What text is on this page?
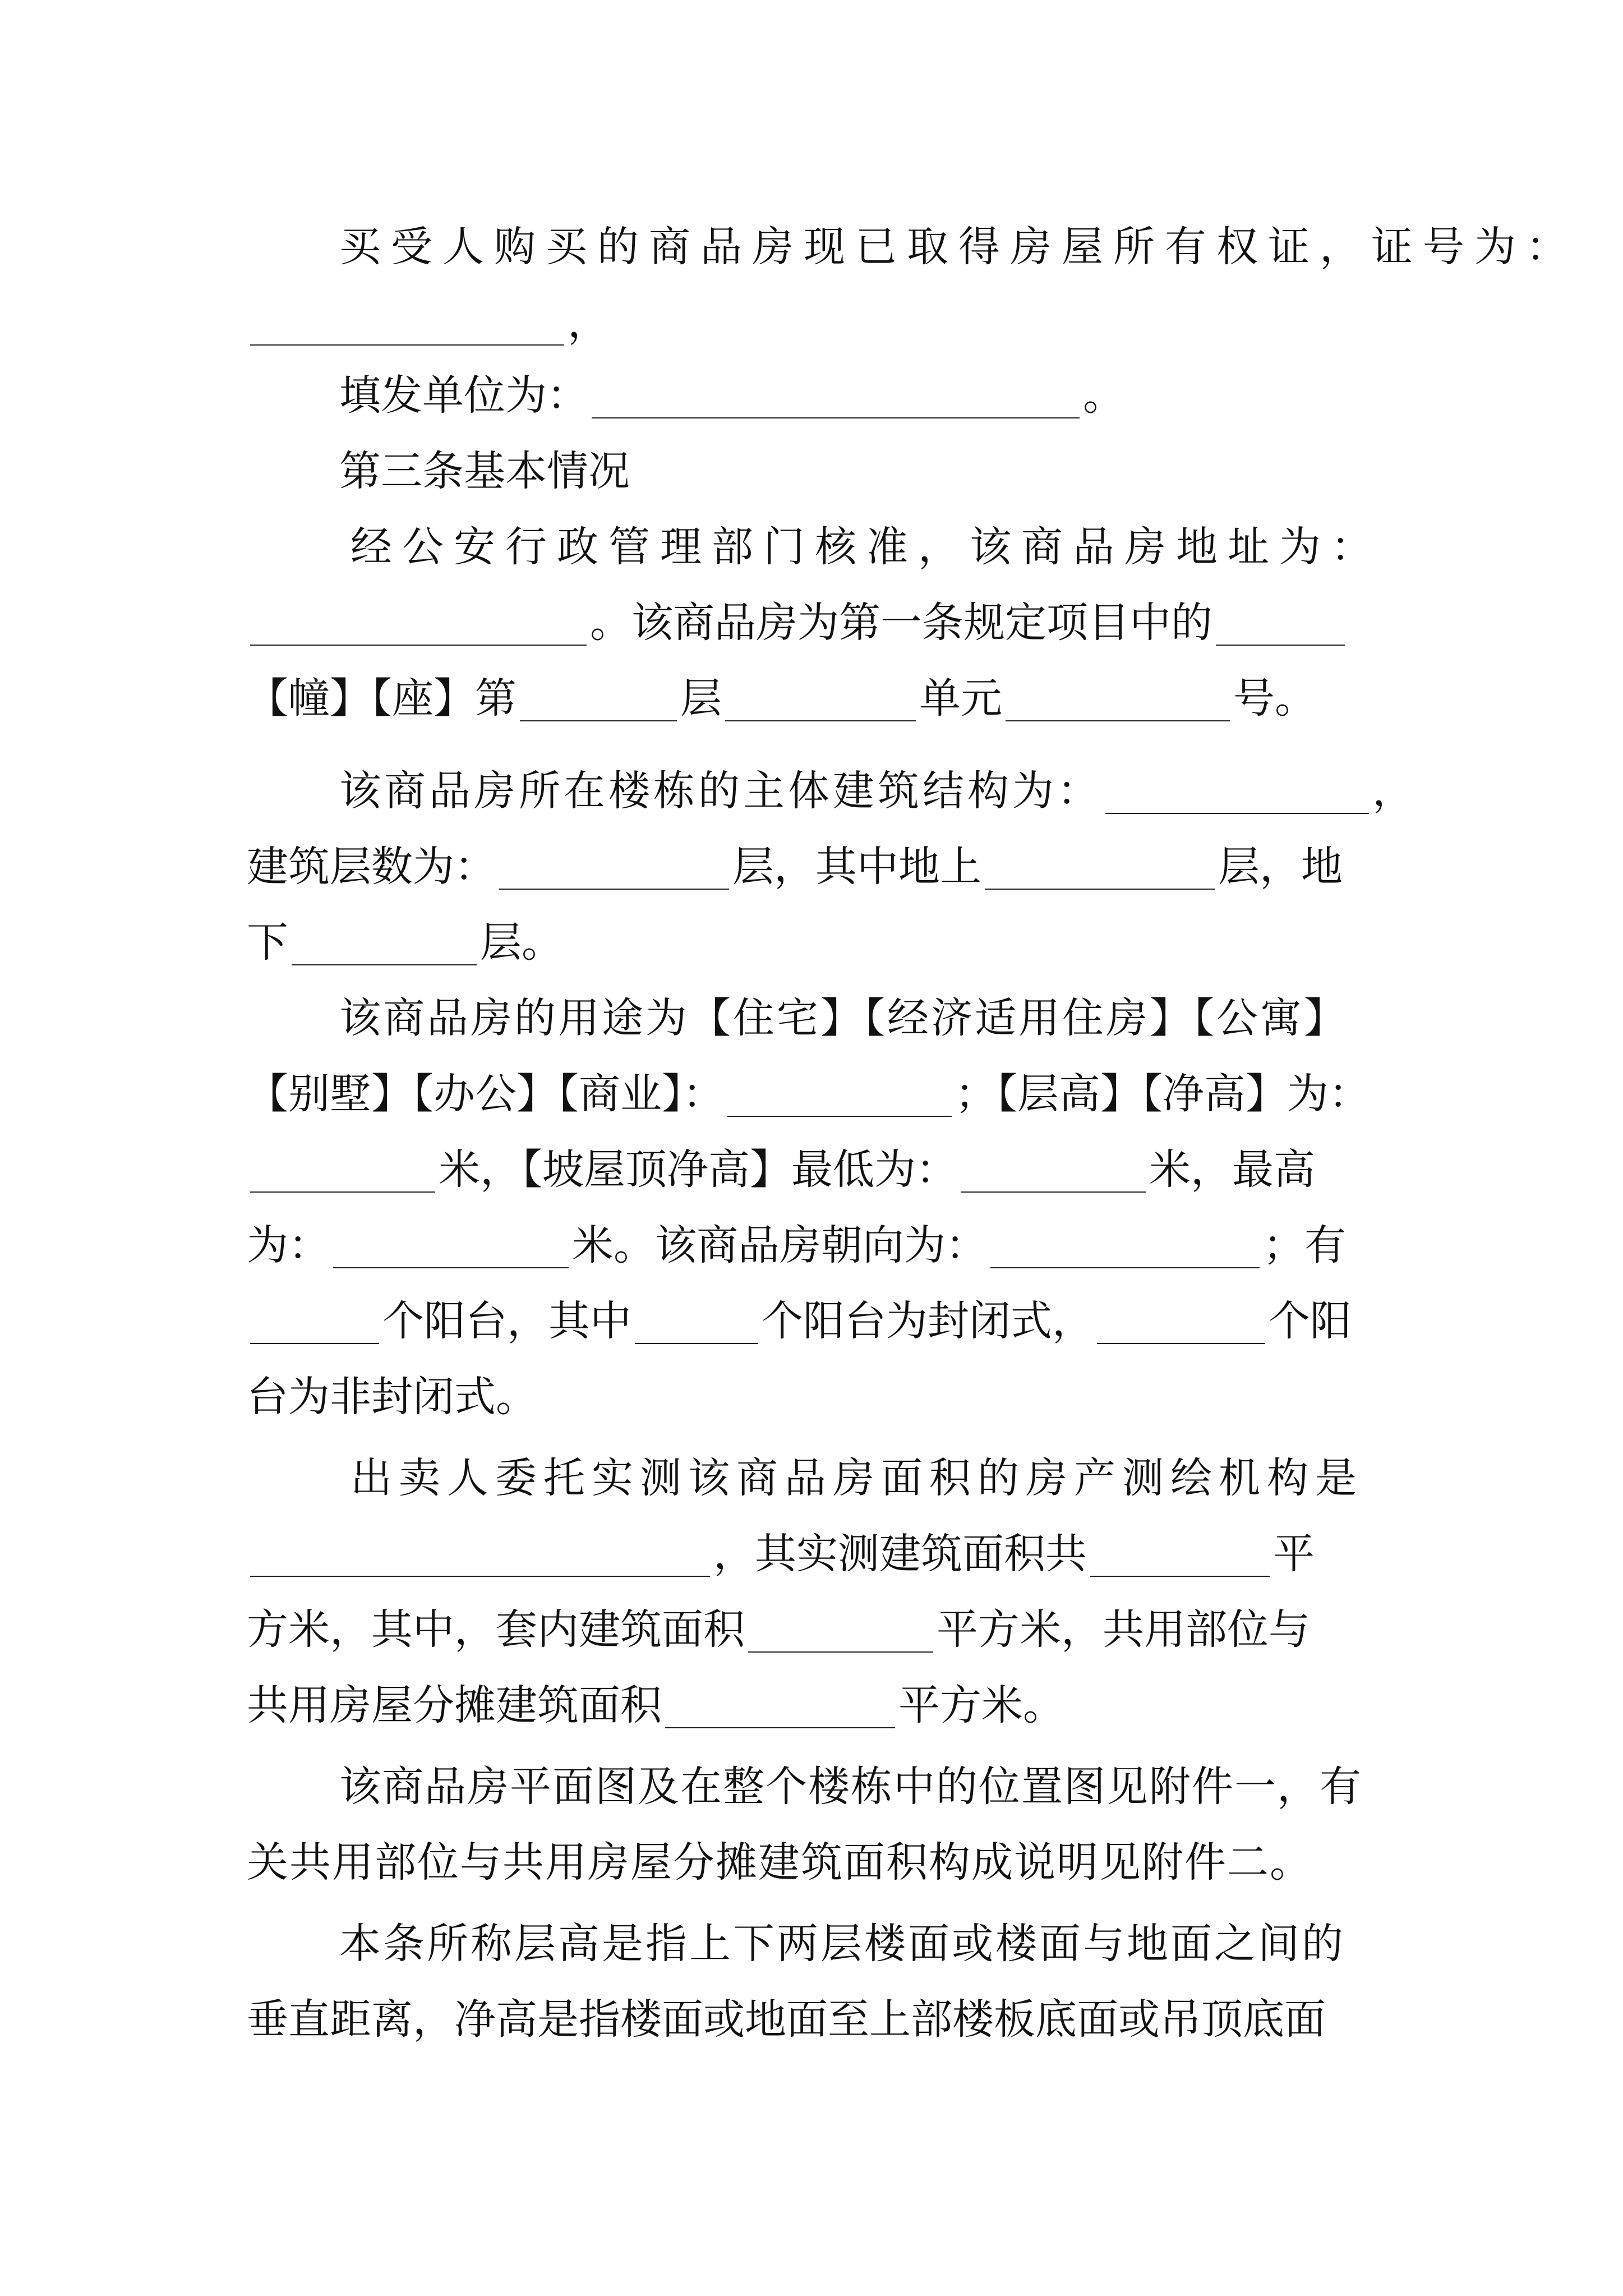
买受人购买的商品房现已取得房屋所有权证，证号为：
，
填发单位为：	。
第三条基本情况
经公安行政管理部门核准，该商品房地址为：
。该商品房为第一条规定项目中的
【幢】【座】第	层	单元	号。
该商品房所在楼栋的主体建筑结构为：	，
建筑层数为：	层，其中地上	层，地
下	层。
该商品房的用途为【住宅】【经济适用住房】【公寓】
【别墅】【办公】【商业】：	；【层高】【净高】为：
米，【坡屋顶净高】最低为：	米，最高
为：	米。该商品房朝向为：	；有
个阳台，其中	个阳台为封闭式，	个阳
台为非封闭式。
出卖人委托实测该商品房面积的房产测绘机构是
，其实测建筑面积共	平
方米，其中，套内建筑面积	平方米，共用部位与
共用房屋分摊建筑面积	平方米。
该商品房平面图及在整个楼栋中的位置图见附件一，有
关共用部位与共用房屋分摊建筑面积构成说明见附件二。
本条所称层高是指上下两层楼面或楼面与地面之间的
垂直距离，净高是指楼面或地面至上部楼板底面或吊顶底面
